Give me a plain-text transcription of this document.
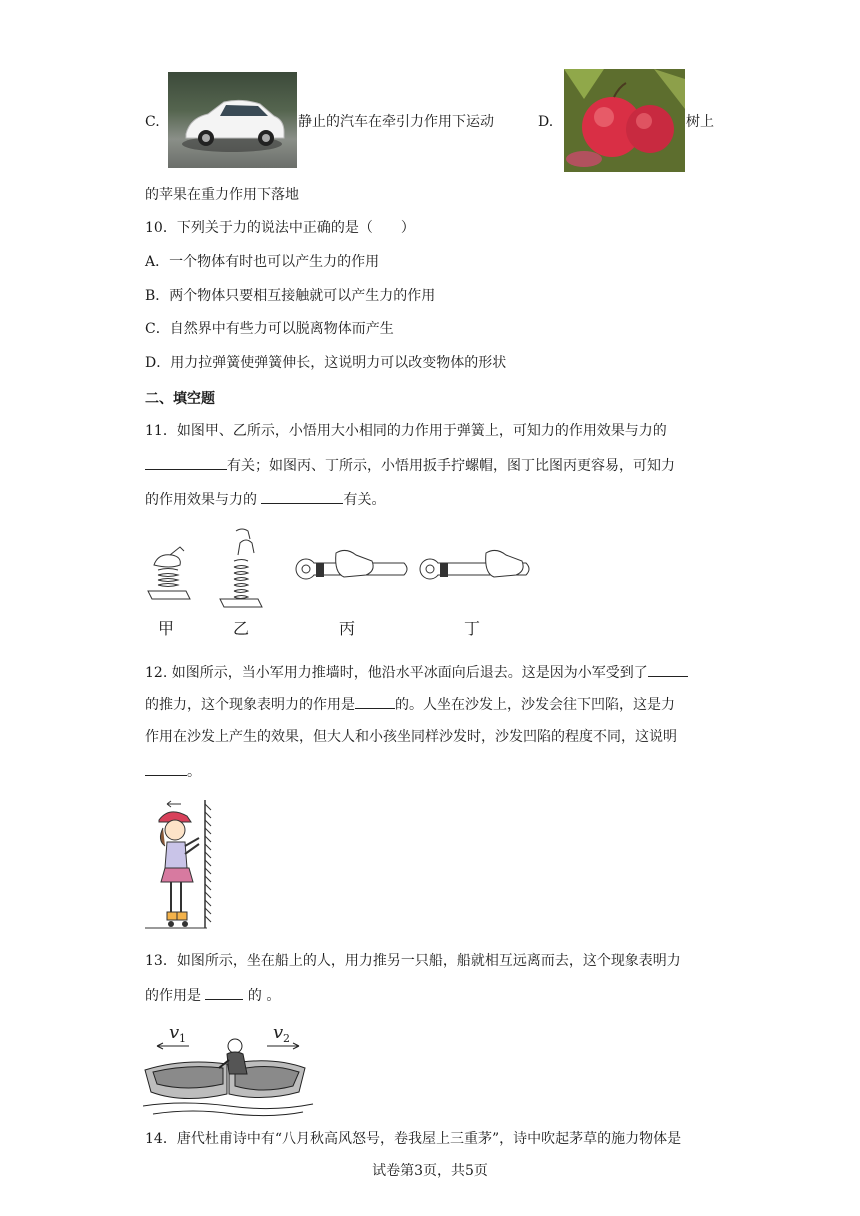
C.	静止的汽车在牵引力作用下运动	D.	树上
的苹果在重力作用下落地
10．下列关于力的说法中正确的是（　　）
A．一个物体有时也可以产生力的作用
B．两个物体只要相互接触就可以产生力的作用
C．自然界中有些力可以脱离物体而产生
D．用力拉弹簧使弹簧伸长，这说明力可以改变物体的形状
二、填空题
11．如图甲、乙所示，小悟用大小相同的力作用于弹簧上，可知力的作用效果与力的
有关；如图丙、丁所示，小悟用扳手拧螺帽，图丁比图丙更容易，可知力
的作用效果与力的	有关。
甲	乙	丙	丁
12. 如图所示，当小军用力推墙时，他沿水平冰面向后退去。这是因为小军受到了
的推力，这个现象表明力的作用是	的。人坐在沙发上，沙发会往下凹陷，这是力
作用在沙发上产生的效果，但大人和小孩坐同样沙发时，沙发凹陷的程度不同，这说明
。
13．如图所示，坐在船上的人，用力推另一只船，船就相互远离而去，这个现象表明力
的作用是	的 。
v 1	v 2
14．唐代杜甫诗中有“八月秋高风怒号，卷我屋上三重茅”，诗中吹起茅草的施力物体是
试卷第3页，共5页
